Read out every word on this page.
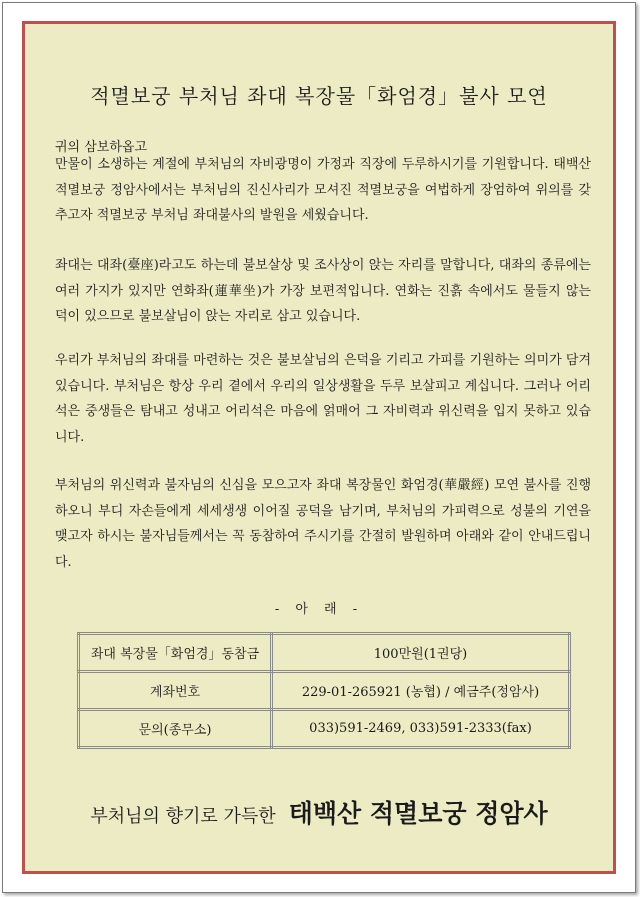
적멸보궁 부처님 좌대 복장물「화엄경」불사 모연
귀의 삼보하옵고
만물이 소생하는 계절에 부처님의 자비광명이 가정과 직장에 두루하시기를 기원합니다. 태백산 적멸보궁 정암사에서는 부처님의 진신사리가 모셔진 적멸보궁을 여법하게 장엄하여 위의를 갖추고자 적멸보궁 부처님 좌대불사의 발원을 세웠습니다.
좌대는 대좌(臺座)라고도 하는데 불보살상 및 조사상이 앉는 자리를 말합니다, 대좌의 종류에는 여러 가지가 있지만 연화좌(蓮華坐)가 가장 보편적입니다. 연화는 진흙 속에서도 물들지 않는 덕이 있으므로 불보살님이 앉는 자리로 삼고 있습니다.
우리가 부처님의 좌대를 마련하는 것은 불보살님의 은덕을 기리고 가피를 기원하는 의미가 담겨 있습니다. 부처님은 항상 우리 곁에서 우리의 일상생활을 두루 보살피고 계십니다. 그러나 어리석은 중생들은 탐내고 성내고 어리석은 마음에 얽매어 그 자비력과 위신력을 입지 못하고 있습니다.
부처님의 위신력과 불자님의 신심을 모으고자 좌대 복장물인 화엄경(華嚴經) 모연 불사를 진행하오니 부디 자손들에게 세세생생 이어질 공덕을 남기며, 부처님의 가피력으로 성불의 기연을 맺고자 하시는 불자님들께서는 꼭 동참하여 주시기를 간절히 발원하며 아래와 같이 안내드립니다.
- 아 래 -
좌대 복장물「화엄경」동참금	100만원(1권당)
계좌번호	229-01-265921 (농협) / 예금주(정암사)
문의(종무소)	033)591-2469, 033)591-2333(fax)
부처님의 향기로 가득한 태백산 적멸보궁 정암사
